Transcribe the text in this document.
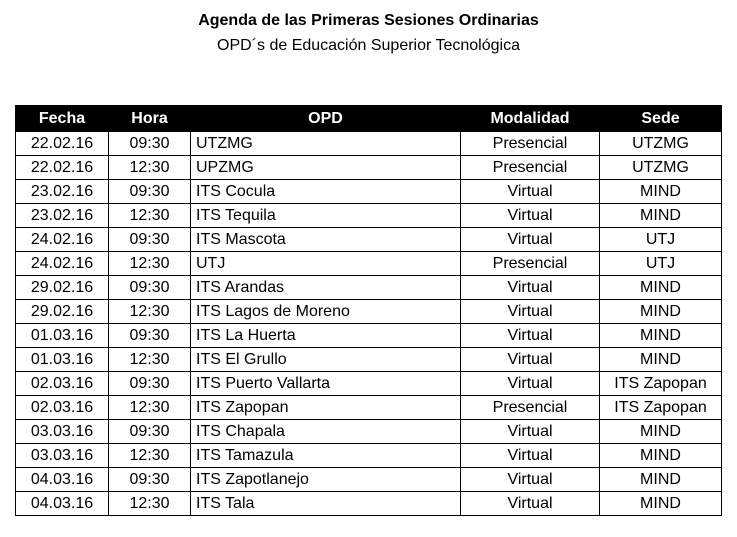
Agenda de las Primeras Sesiones Ordinarias
OPD´s de Educación Superior Tecnológica
Fecha	Hora	OPD	Modalidad	Sede
22.02.16	09:30	UTZMG	Presencial	UTZMG
22.02.16	12:30	UPZMG	Presencial	UTZMG
23.02.16	09:30	ITS Cocula	Virtual	MIND
23.02.16	12:30	ITS Tequila	Virtual	MIND
24.02.16	09:30	ITS Mascota	Virtual	UTJ
24.02.16	12:30	UTJ	Presencial	UTJ
29.02.16	09:30	ITS Arandas	Virtual	MIND
29.02.16	12:30	ITS Lagos de Moreno	Virtual	MIND
01.03.16	09:30	ITS La Huerta	Virtual	MIND
01.03.16	12:30	ITS El Grullo	Virtual	MIND
02.03.16	09:30	ITS Puerto Vallarta	Virtual	ITS Zapopan
02.03.16	12:30	ITS Zapopan	Presencial	ITS Zapopan
03.03.16	09:30	ITS Chapala	Virtual	MIND
03.03.16	12:30	ITS Tamazula	Virtual	MIND
04.03.16	09:30	ITS Zapotlanejo	Virtual	MIND
04.03.16	12:30	ITS Tala	Virtual	MIND
